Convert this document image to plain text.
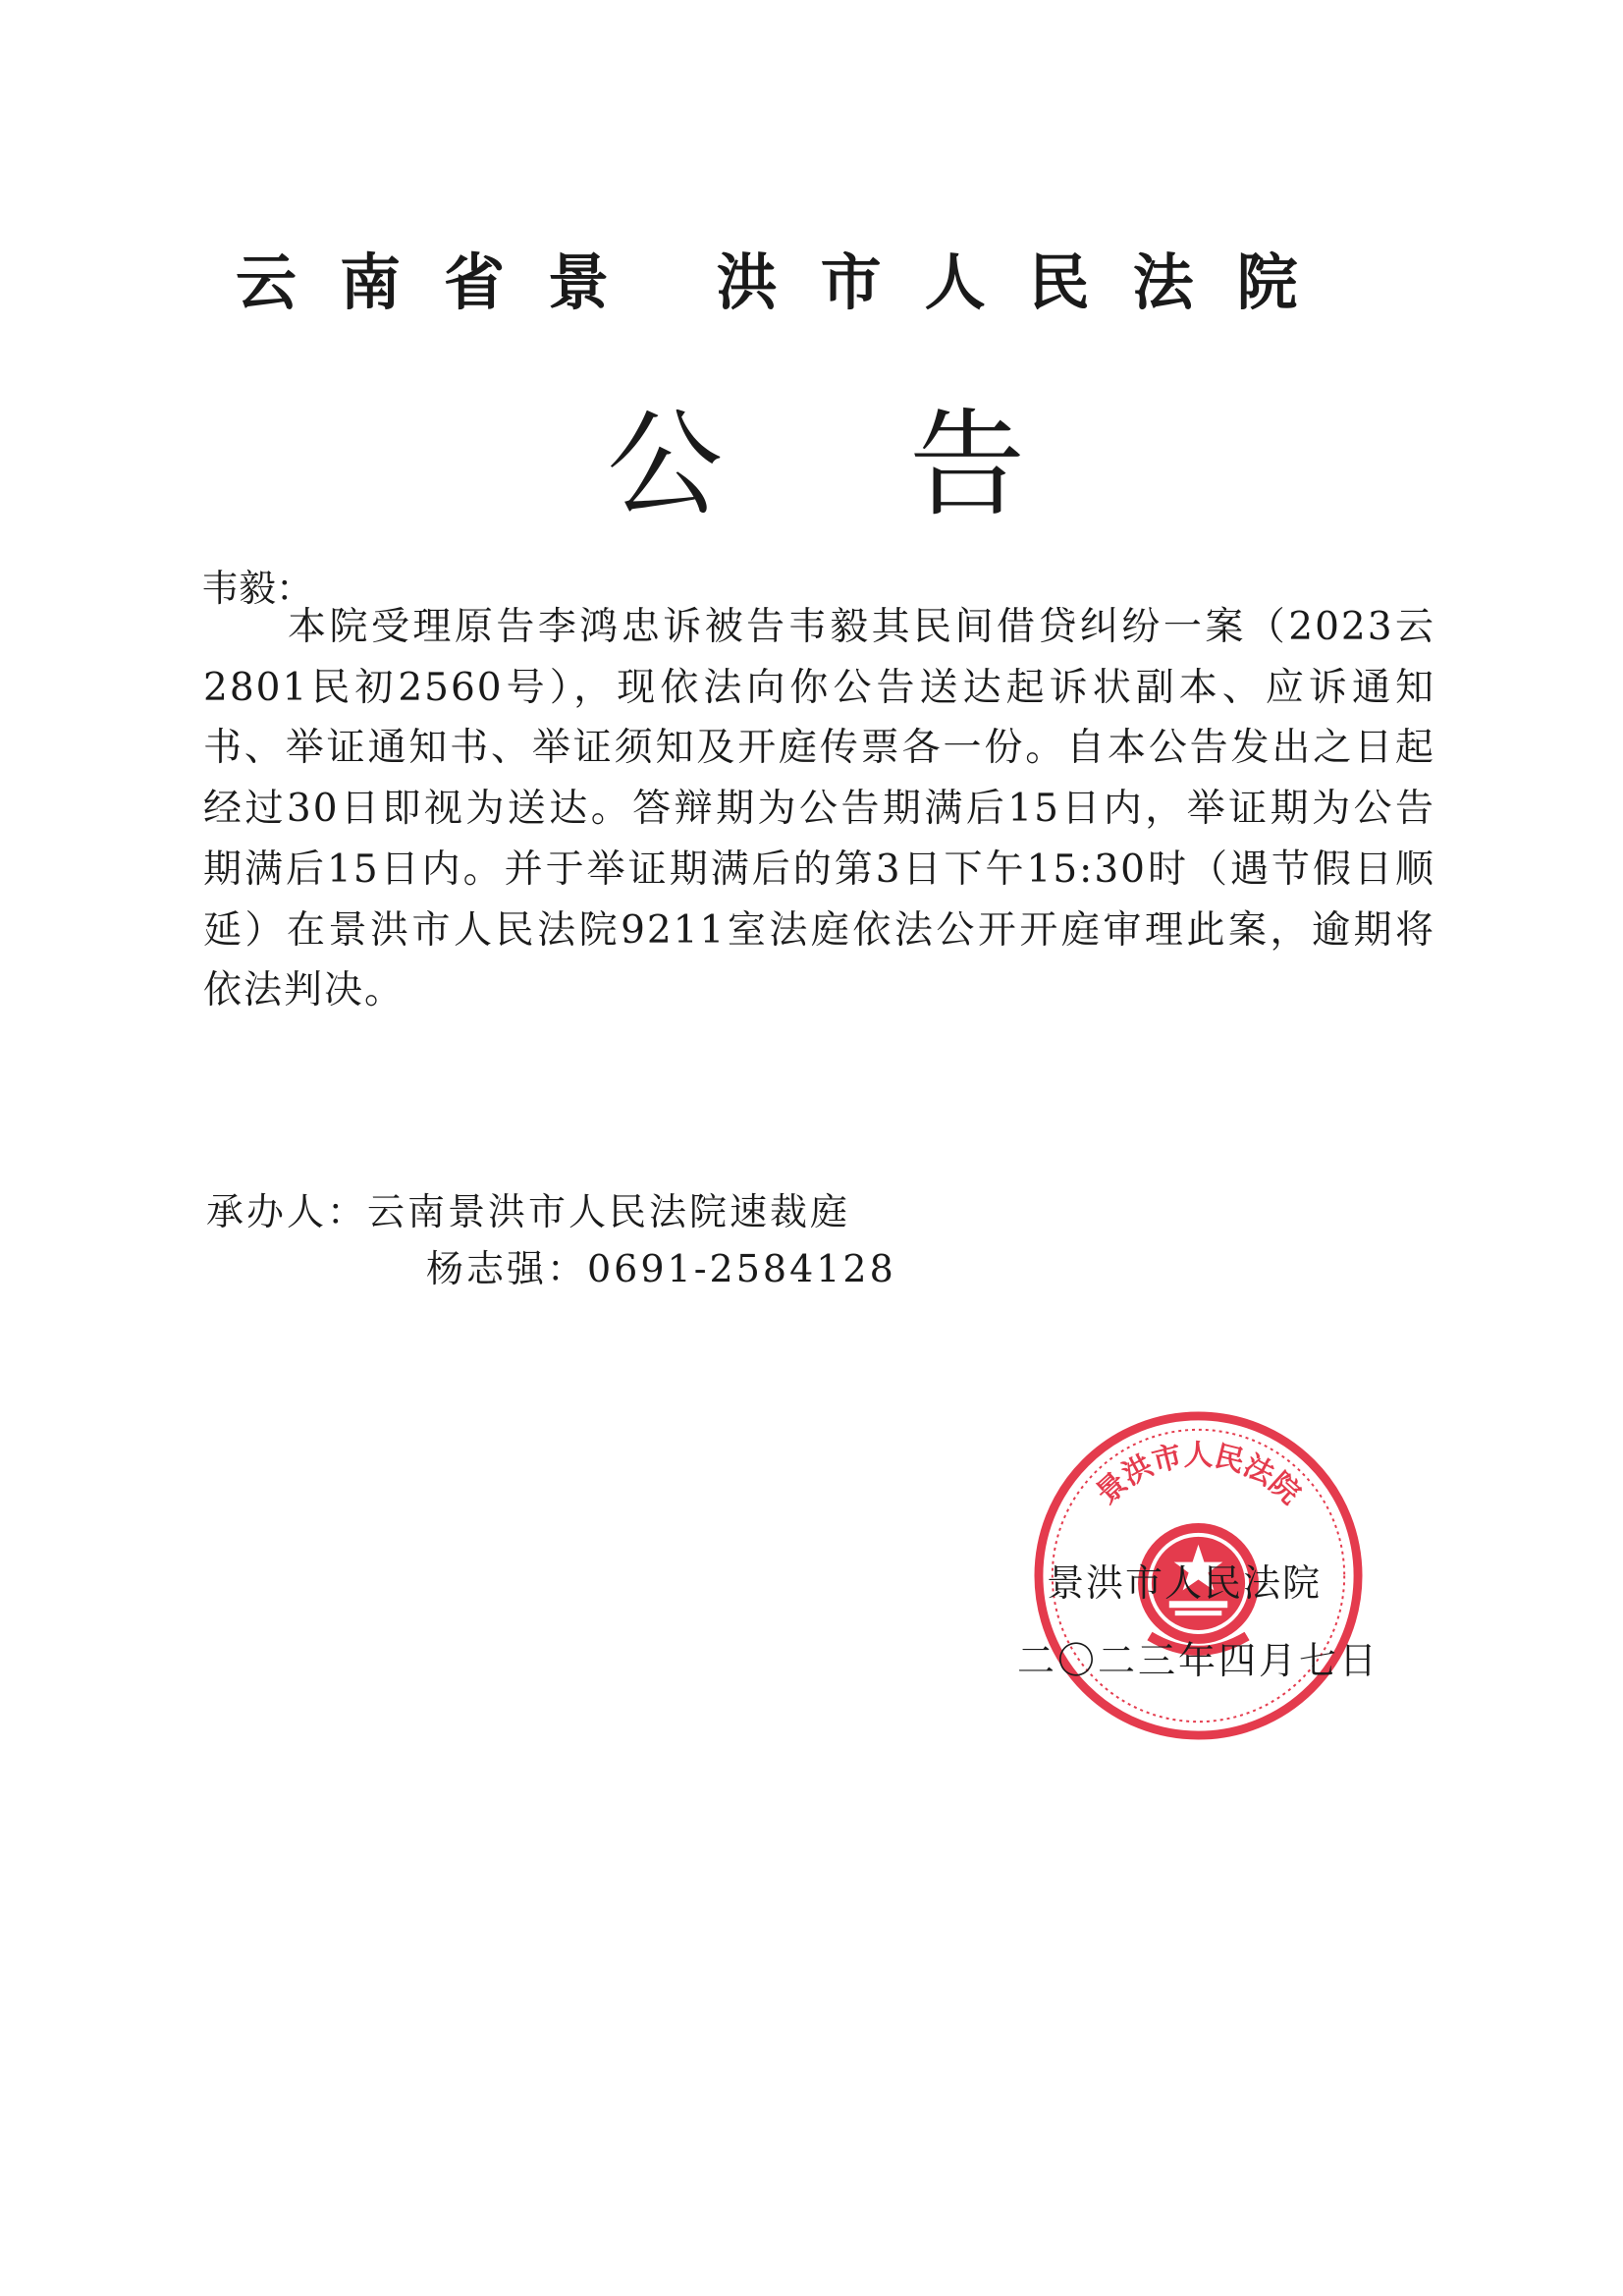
云南省景 洪市人民法院
公告
韦毅：

本院受理原告李鸿忠诉被告韦毅其民间借贷纠纷一案（2023云2801民初2560号），现依法向你公告送达起诉状副本、应诉通知书、举证通知书、举证须知及开庭传票各一份。自本公告发出之日起经过30日即视为送达。答辩期为公告期满后15日内，举证期为公告期满后15日内。并于举证期满后的第3日下午15:30时（遇节假日顺延）在景洪市人民法院9211室法庭依法公开开庭审理此案，逾期将依法判决。

承办人：云南景洪市人民法院速裁庭
杨志强：0691-2584128
景洪市人民法院
景洪市人民法院
二〇二三年四月七日
